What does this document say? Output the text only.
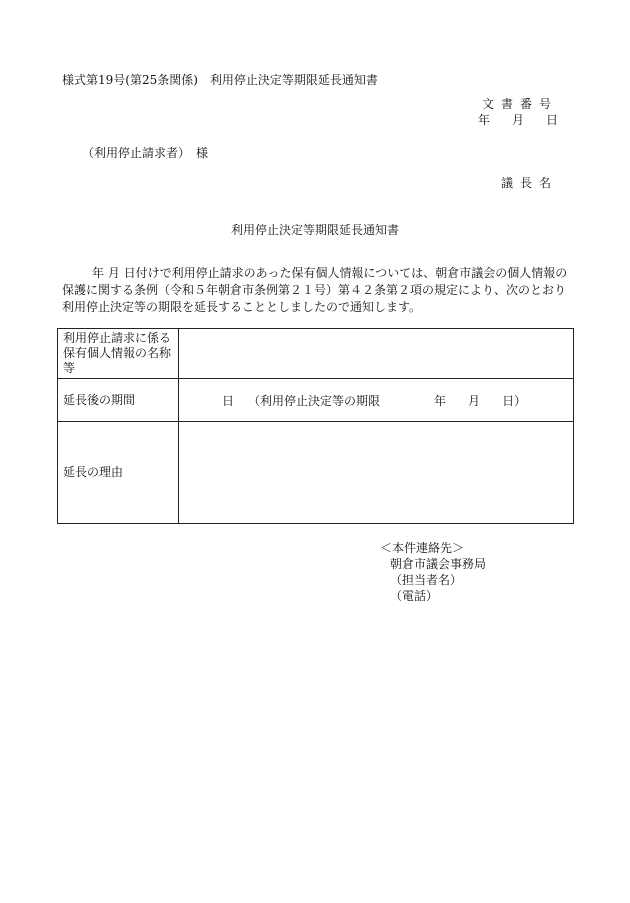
様式第19号(第25条関係)　利用停止決定等期限延長通知書
文書番号
年 月 日
（利用停止請求者）　様
議長名
利用停止決定等期限延長通知書
年 月 日付けで利用停止請求のあった保有個人情報については、朝倉市議会の個人情報の保護に関する条例（令和５年朝倉市条例第２１号）第４２条第２項の規定により、次のとおり利用停止決定等の期限を延長することとしましたので通知します。
利用停止請求に係る保有個人情報の名称等	
延長後の期間	日 （利用停止決定等の期限 年 月 日）

延長の理由	
＜本件連絡先＞
朝倉市議会事務局
（担当者名）
（電話）
